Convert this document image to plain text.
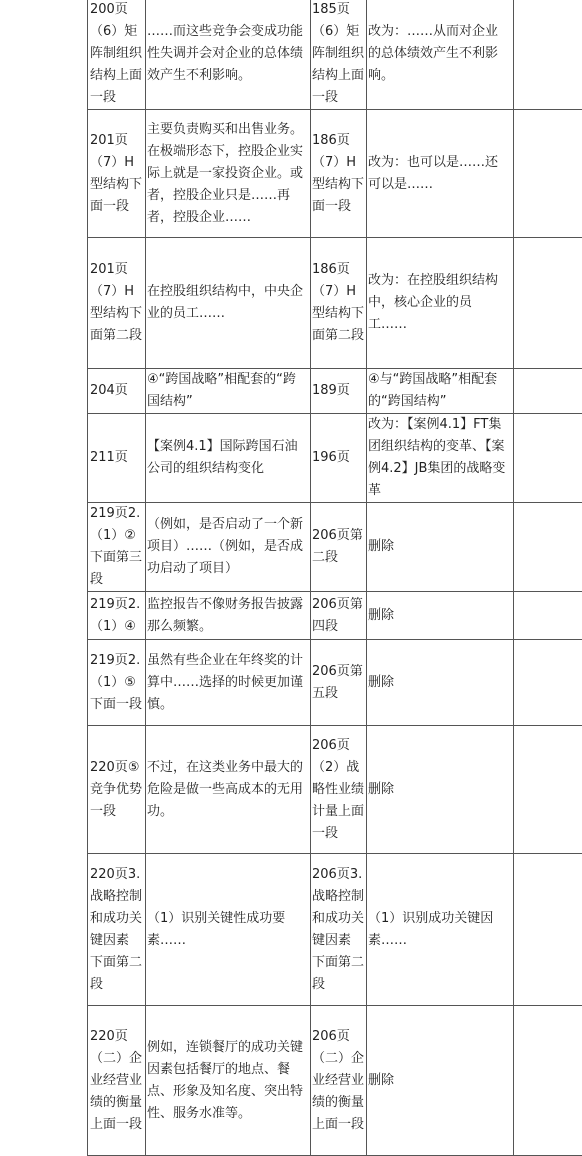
200页（6）矩阵制组织结构上面一段	……而这些竞争会变成功能性失调并会对企业的总体绩效产生不利影响。	185页（6）矩阵制组织结构上面一段	改为：……从而对企业的总体绩效产生不利影响。	
201页（7）H型结构下面一段	主要负责购买和出售业务。在极端形态下，控股企业实际上就是一家投资企业。或者，控股企业只是……再者，控股企业……	186页（7）H型结构下面一段	改为：也可以是……还可以是……	
201页（7）H型结构下面第二段	在控股组织结构中，中央企业的员工……	186页（7）H型结构下面第二段	改为：在控股组织结构中，核心企业的员工……	
204页	④“跨国战略”相配套的“跨国结构”	189页	④与“跨国战略”相配套的“跨国结构”	
211页	【案例4.1】国际跨国石油公司的组织结构变化	196页	改为：【案例4.1】FT集团组织结构的变革、【案例4.2】JB集团的战略变革	
219页2.（1）②下面第三段	（例如，是否启动了一个新项目）……（例如，是否成功启动了项目）	206页第二段	删除	
219页2.（1）④	监控报告不像财务报告披露那么频繁。	206页第四段	删除	
219页2.（1）⑤下面一段	虽然有些企业在年终奖的计算中……选择的时候更加谨慎。	206页第五段	删除	
220页⑤竞争优势一段	不过，在这类业务中最大的危险是做一些高成本的无用功。	206页（2）战略性业绩计量上面一段	删除	
220页3.战略控制和成功关键因素 下面第二段	（1）识别关键性成功要素……	206页3.战略控制和成功关键因素 下面第二段	（1）识别成功关键因素……	
220页（二）企业经营业绩的衡量上面一段	例如，连锁餐厅的成功关键因素包括餐厅的地点、餐点、形象及知名度、突出特性、服务水准等。	206页（二）企业经营业绩的衡量上面一段	删除	
